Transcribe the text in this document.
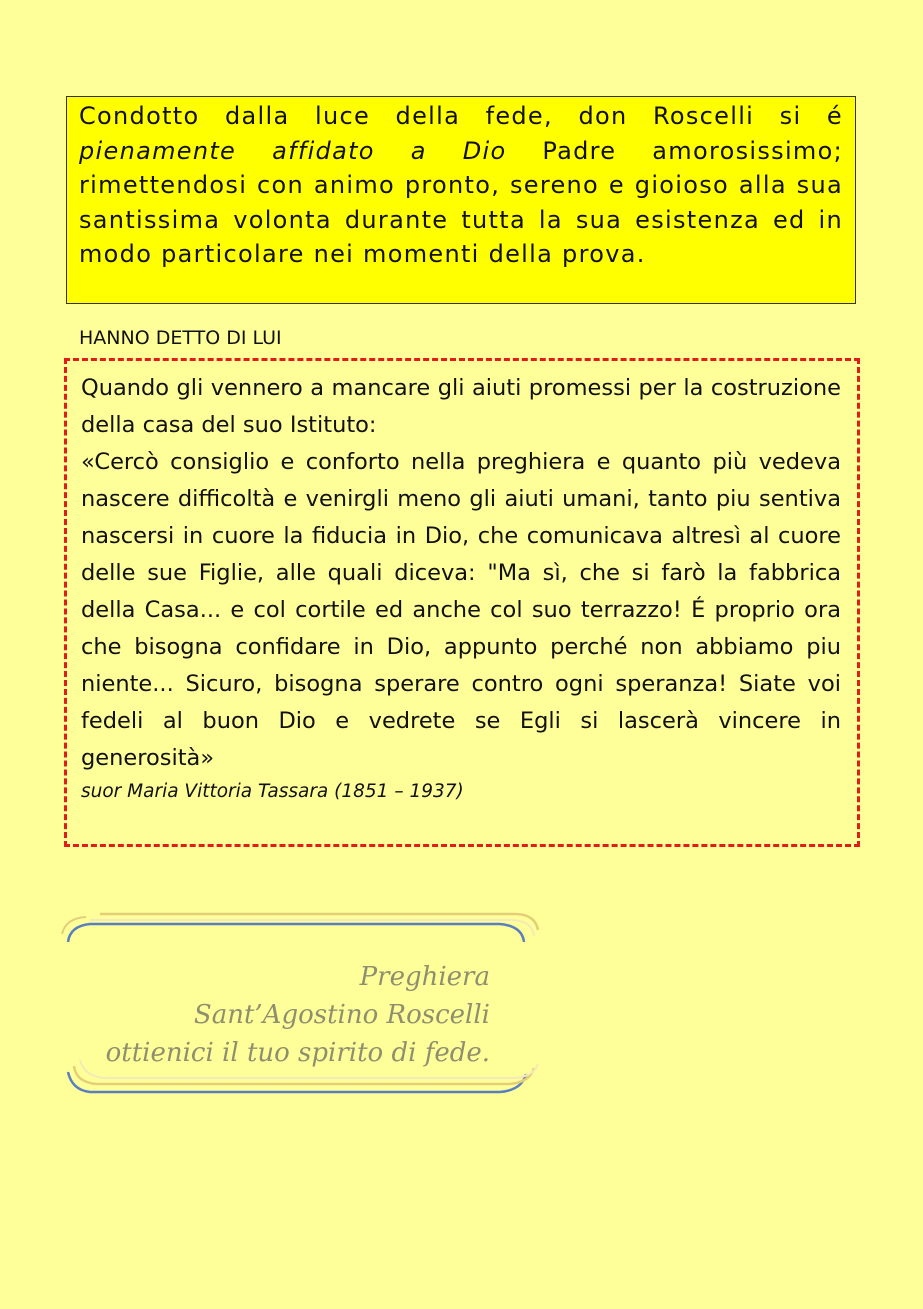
Condotto dalla luce della fede, don Roscelli si é pienamente affidato a Dio Padre amorosissimo; rimettendosi con animo pronto, sereno e gioioso alla sua santissima volonta durante tutta la sua esistenza ed in modo particolare nei momenti della prova.
HANNO DETTO DI LUI

Quando gli vennero a mancare gli aiuti promessi per la costruzione della casa del suo Istituto:

«Cercò consiglio e conforto nella preghiera e quanto più vedeva nascere difficoltà e venirgli meno gli aiuti umani, tanto piu sentiva nascersi in cuore la fiducia in Dio, che comunicava altresì al cuore delle sue Figlie, alle quali diceva: "Ma sì, che si farò la fabbrica della Casa... e col cortile ed anche col suo terrazzo! É proprio ora che bisogna confidare in Dio, appunto perché non abbiamo piu niente... Sicuro, bisogna sperare contro ogni speranza! Siate voi fedeli al buon Dio e vedrete se Egli si lascerà vincere in generosità»

suor Maria Vittoria Tassara (1851 – 1937)

Preghiera
Sant’Agostino Roscelli
ottienici il tuo spirito di fede.
